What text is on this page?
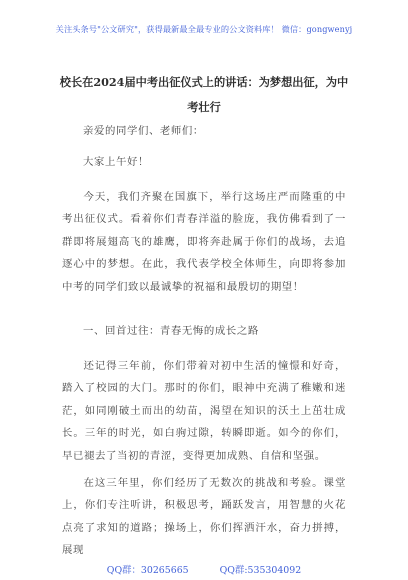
关注头条号"公文研究"，获得最新最全最专业的公文资料库！ 微信：gongwenyj
校长在2024届中考出征仪式上的讲话：为梦想出征，为中
考壮行
亲爱的同学们、老师们：
大家上午好！
今天，我们齐聚在国旗下，举行这场庄严而隆重的中考出征仪式。看着你们青春洋溢的脸庞，我仿佛看到了一群即将展翅高飞的雄鹰，即将奔赴属于你们的战场，去追逐心中的梦想。在此，我代表学校全体师生，向即将参加中考的同学们致以最诚挚的祝福和最殷切的期望！
一、回首过往：青春无悔的成长之路
还记得三年前，你们带着对初中生活的憧憬和好奇，踏入了校园的大门。那时的你们，眼神中充满了稚嫩和迷茫，如同刚破土而出的幼苗，渴望在知识的沃土上茁壮成长。三年的时光，如白驹过隙，转瞬即逝。如今的你们，早已褪去了当初的青涩，变得更加成熟、自信和坚强。
在这三年里，你们经历了无数次的挑战和考验。课堂上，你们专注听讲，积极思考，踊跃发言，用智慧的火花点亮了求知的道路；操场上，你们挥洒汗水，奋力拼搏，展现
QQ群：30265665	QQ群:535304092
